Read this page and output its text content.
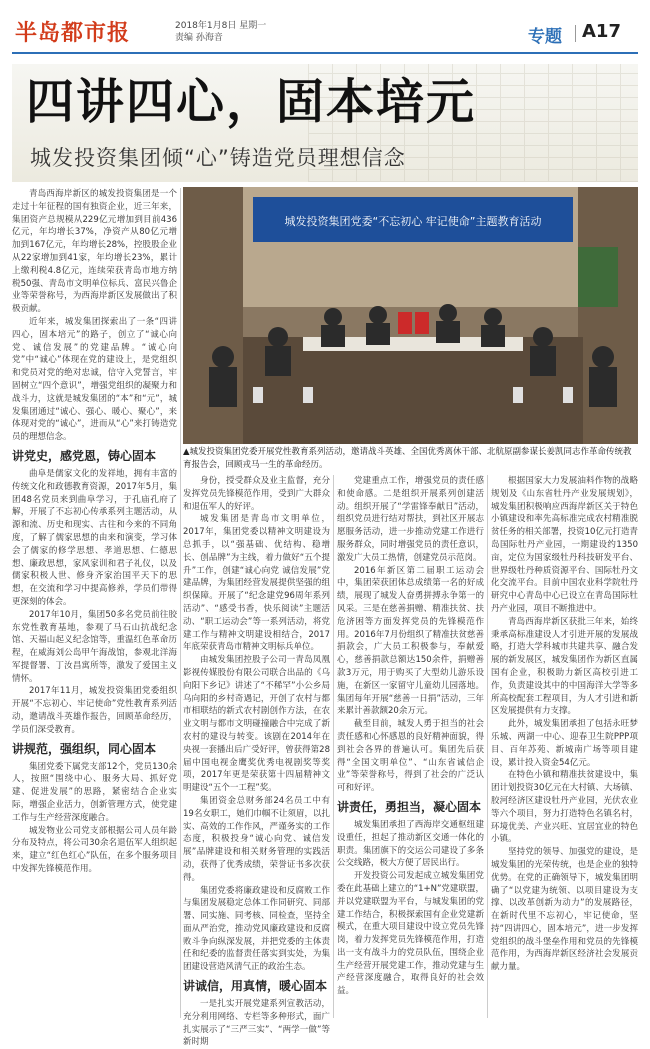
半岛都市报	2018年1月8日 星期一
责编 孙海音	专题 A17
四讲四心，固本培元
城发投资集团倾“心”铸造党员理想信念

青岛西海岸新区的城发投资集团是一个走过十年征程的国有独资企业，近三年来，集团资产总规模从229亿元增加到目前436亿元，年均增长37%，净资产从80亿元增加到167亿元，年均增长28%，控股股企业从22家增加到41家，年均增长23%，累计上缴利税4.8亿元，连续荣获青岛市地方纳税50强、青岛市文明单位标兵、富民兴鲁企业等荣誉称号，为西海岸新区发展做出了积极贡献。

近年来，城发集团探索出了一条“四讲四心，固本培元”的路子，创立了“诚心向党、诚信发展”的党建品牌。“诚心向党”中“诚心”体现在党的建设上，是党组织和党员对党的绝对忠诚，信守入党誓言，牢固树立“四个意识”，增强党组织的凝聚力和战斗力，这就是城发集团的“本”和“元”，城发集团通过“诚心、强心、暖心、聚心”，来体现对党的“诚心”，进而从“心”来打铸造党员的理想信念。

讲党史，感党恩，铸心固本

曲阜是儒家文化的发祥地，拥有丰富的传统文化和政德教育资源，2017年5月，集团48名党员来到曲阜学习，于孔庙孔府了解，开展了不忘初心传承系列主题活动，从源和流、历史和现实、古往和今来的不同角度，了解了儒家思想的由来和演变，学习体会了儒家的修学思想、孝道思想、仁德思想、廉政思想，家风家训和君子礼仪，以及儒家积极人世、修身齐家治国平天下的思想，在交流和学习中提高修养，学员们带得更深刻的体会。

2017年10月，集团50多名党员前往胶东党性教育基地，参观了马石山抗战纪念馆、天福山起义纪念馆等，重温红色革命历程，在威海刘公岛甲午海战馆，参观北洋海军提督署、丁汝昌寓所等，激发了爱国主义情怀。

2017年11月，城发投资集团党委组织开展“不忘初心、牢记使命”党性教育系列活动，邀请战斗英雄作报告，回顾革命经历，学员们深受教育。

讲规范，强组织，同心固本

集团党委下属党支部12个，党员130余人，按照“围绕中心、服务大局、抓好党建、促进发展”的思路，紧密结合企业实际，增强企业活力，创新管理方式，使党建工作与生产经营深度融合。

城发物业公司党支部根据公司人员年龄分布及特点，将公司30余名退伍军人组织起来，建立“红色红心”队伍，在多个服务项目中发挥先锋模范作用。

城发投资集团党委“不忘初心 牢记使命”主题教育活动
▲城发投资集团党委开展党性教育系列活动，邀请战斗英雄、全国优秀离休干部、北航原副参谋长姜凯同志作革命传统教育报告会，回顾戎马一生的革命经历。

身份，授受群众及业主监督，充分发挥党员先锋模范作用，受到广大群众和退伍军人的好评。

城发集团是青岛市文明单位，2017年，集团党委以精神文明建设为总抓手，以“强基础、优结构、稳增长、创品牌”为主线，着力做好“五个提升”工作，创建“诚心向党 诚信发展”党建品牌，为集团经营发展提供坚强的组织保障。开展了“纪念建党96周年系列活动”、“感受书香，快乐阅读”主题活动、“职工运动会”等一系列活动，将党建工作与精神文明建设相结合，2017年底荣获青岛市精神文明标兵单位。

由城发集团控股子公司一青岛凤凰影视传媒股份有限公司联合出品的《乌向阳下乡记》讲述了“不稀罕”小公乡局乌向阳的乡村奇遇记，开创了农村与都市相联结的新式农村剧创作方法，在农业文明与都市文明碰撞融合中完成了新农村的建设与转变。该剧在2014年在央视一套播出后广受好评，曾获得第28届中国电视金鹰奖优秀电视剧奖等奖项，2017年更是荣获第十四届精神文明建设“五个一工程”奖。

集团资金总财务部24名员工中有19名女职工，她们巾帼不让须眉，以扎实、高效的工作作风，严谨务实的工作态度，积极投身“诚心向党、诚信发展”品牌建设和相关财务管理的实践活动，获得了优秀成绩，荣誉证书多次获得。

集团党委将廉政建设和反腐败工作与集团发展稳定总体工作同研究、同部署、同实施、同考核、同检查，坚持全面从严治党，推动党风廉政建设和反腐败斗争向纵深发展，并把党委的主体责任和纪委的监督责任落实到实处，为集团建设营造风清气正的政治生态。

讲诚信，用真情，暖心固本

一是扎实开展党建系列宣教活动，充分利用网络、专栏等多种形式，面广扎实展示了“三严三实”、“两学一做”等新时期

党建重点工作，增强党员的责任感和使命感。二是组织开展系列创建活动。组织开展了“学雷锋奉献日”活动，组织党员进行结对帮扶，到社区开展志愿服务活动，进一步推动党建工作进行服务群众，同时增强党员的责任意识，激发广大员工热情，创建党员示范岗。

2016年新区第二届职工运动会中，集团荣获团体总成绩第一名的好成绩，展现了城发人奋勇拼搏永争第一的风采。三是在慈善捐赠、精准扶贫、扶危济困等方面发挥党员的先锋模范作用。2016年7月份组织了精准扶贫慈善捐款会，广大员工积极参与，奉献爱心，慈善捐款总额达150余件，捐赠善款3万元，用于购买了大型幼儿游乐设施，在新区一家留守儿童幼儿园落地。集团每年开展“慈善一日捐”活动，三年来累计善款额20余万元。

截至目前，城发人勇于担当的社会责任感和心怀感恩的良好精神面貌，得到社会各界的普遍认可。集团先后获得“全国文明单位”、“山东省诚信企业”等荣誉称号，得到了社会的广泛认可和好评。

讲责任，勇担当，凝心固本

城发集团承担了西海岸交通枢纽建设重任，担起了推动新区交通一体化的职责。集团旗下的交运公司建设了多条公交线路，极大方便了居民出行。

开发投资公司发起成立城发集团党委在此基础上建立的“1+N”党建联盟，并以党建联盟为平台，与城发集团的党建工作结合，积极探索国有企业党建新模式，在重大项目建设中设立党员先锋岗，着力发挥党员先锋模范作用，打造出一支有战斗力的党员队伍，围绕企业生产经营开展党建工作，推动党建与生产经营深度融合，取得良好的社会效益。

根据国家大力发展油料作物的战略规划及《山东省牡丹产业发展规划》，城发集团积极响应西海岸新区关于特色小镇建设和率先高标准完成农村精准脱贫任务的相关部署，投资10亿元打造青岛国际牡丹产业园，一期建设约1350亩，定位为国家级牡丹科技研发平台、世界级牡丹种质资源平台、国际牡丹文化交流平台。目前中国农业科学院牡丹研究中心青岛中心已设立在青岛国际牡丹产业园，项目不断推进中。

青岛西海岸新区获批三年来，始终秉承高标准建设人才引进开展的发展战略，打造大学科城市共建共享、融合发展的新发展区，城发集团作为新区直属国有企业，积极助力新区高校引进工作，负责建设其中的中国海洋大学等多所高校配套工程项目，为人才引进和新区发展提供有力支撑。

此外，城发集团承担了包括永旺梦乐城、两湖一中心、迎春卫生院PPP项目、百年苏苑、新城南广场等项目建设，累计投入资金54亿元。

在特色小镇和精准扶贫建设中，集团计划投资30亿元在大村镇、大场镇、胶河经济区建设牡丹产业园，光伏农业等六个项目，努力打造特色名镇名村，环境优美、产业兴旺、宜居宜业的特色小镇。

坚持党的领导、加强党的建设，是城发集团的光荣传统，也是企业的独特优势。在党的正确领导下，城发集团明确了“以党建为统领、以项目建设为支撑、以改革创新为动力”的发展路径，在新时代里不忘初心，牢记使命，坚持“四讲四心，固本培元”，进一步发挥党组织的战斗堡垒作用和党员的先锋模范作用，为西海岸新区经济社会发展贡献力量。
